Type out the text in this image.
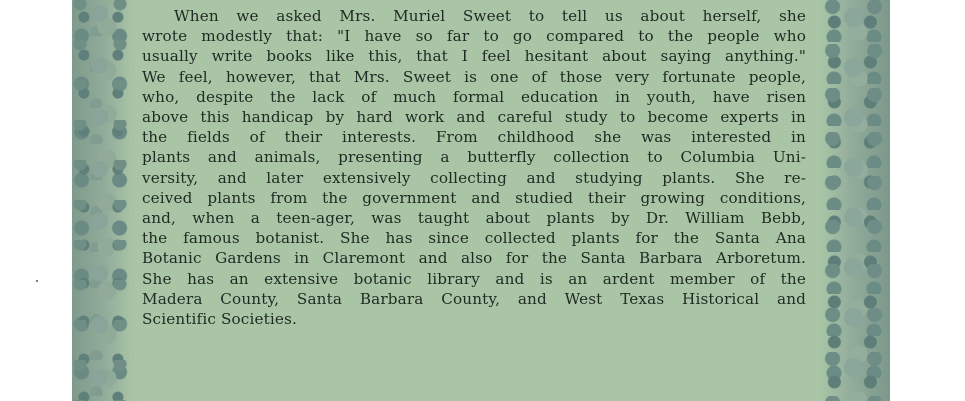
When we asked Mrs. Muriel Sweet to tell us about herself, she
wrote modestly that: "I have so far to go compared to the people who
usually write books like this, that I feel hesitant about saying anything."
We feel, however, that Mrs. Sweet is one of those very fortunate people,
who, despite the lack of much formal education in youth, have risen
above this handicap by hard work and careful study to become experts in
the fields of their interests. From childhood she was interested in
plants and animals, presenting a butterfly collection to Columbia Uni-
versity, and later extensively collecting and studying plants. She re-
ceived plants from the government and studied their growing conditions,
and, when a teen-ager, was taught about plants by Dr. William Bebb,
the famous botanist. She has since collected plants for the Santa Ana
Botanic Gardens in Claremont and also for the Santa Barbara Arboretum.
She has an extensive botanic library and is an ardent member of the
Madera County, Santa Barbara County, and West Texas Historical and
Scientific Societies.
